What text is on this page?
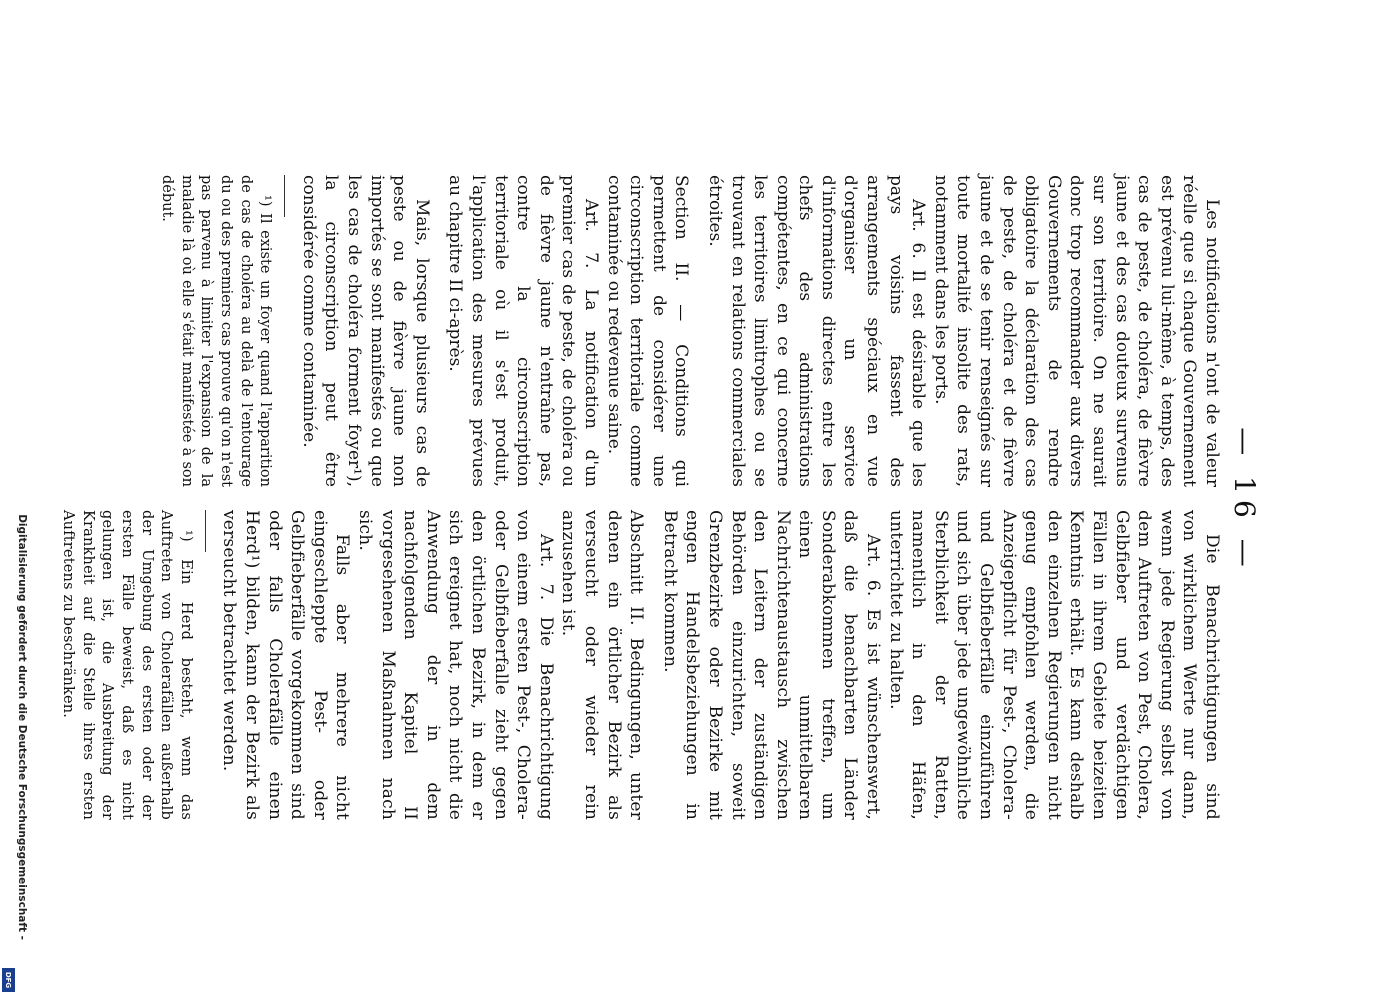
— 16 —

Les notifications n'ont de valeur réelle que si chaque Gouvernement est prévenu lui-même, à temps, des cas de peste, de choléra, de fièvre jaune et des cas douteux survenus sur son territoire. On ne saurait donc trop recommander aux divers Gouvernements de rendre obligatoire la déclaration des cas de peste, de choléra et de fièvre jaune et de se tenir renseignés sur toute mortalité insolite des rats, notamment dans les ports.

Art. 6. Il est désirable que les pays voisins fassent des arrangements spéciaux en vue d'organiser un service d'informations directes entre les chefs des administrations compétentes, en ce qui concerne les territoires limitrophes ou se trouvant en relations commerciales étroites.

Section II. — Conditions qui permettent de considérer une circonscription territoriale comme contaminée ou redevenue saine.

Art. 7. La notification d'un premier cas de peste, de choléra ou de fièvre jaune n'entraîne pas, contre la circonscription territoriale où il s'est produit, l'application des mesures prévues au chapitre II ci-après.

Mais, lorsque plusieurs cas de peste ou de fièvre jaune non importés se sont manifestés ou que les cas de choléra forment foyer¹), la circonscription peut être considérée comme contaminée.

¹) Il existe un foyer quand l'apparition de cas de choléra au delà de l'entourage du ou des premiers cas prouve qu'on n'est pas parvenu à limiter l'expansion de la maladie là où elle s'était manifestée à son début.

Die Benachrichtigungen sind von wirklichem Werte nur dann, wenn jede Regierung selbst von dem Auftreten von Pest, Cholera, Gelbfieber und verdächtigen Fällen in ihrem Gebiete beizeiten Kenntnis erhält. Es kann deshalb den einzelnen Regierungen nicht genug empfohlen werden, die Anzeigepflicht für Pest-, Cholera- und Gelbfieberfälle einzuführen und sich über jede ungewöhnliche Sterblichkeit der Ratten, namentlich in den Häfen, unterrichtet zu halten.

Art. 6. Es ist wünschenswert, daß die benachbarten Länder Sonderabkommen treffen, um einen unmittelbaren Nachrichtenaustausch zwischen den Leitern der zuständigen Behörden einzurichten, soweit Grenzbezirke oder Bezirke mit engen Handelsbeziehungen in Betracht kommen.

Abschnitt II. Bedingungen, unter denen ein örtlicher Bezirk als verseucht oder wieder rein anzusehen ist.

Art. 7. Die Benachrichtigung von einem ersten Pest-, Cholera- oder Gelbfieberfalle zieht gegen den örtlichen Bezirk, in dem er sich ereignet hat, noch nicht die Anwendung der in dem nachfolgenden Kapitel II vorgesehenen Maßnahmen nach sich.

Falls aber mehrere nicht eingeschleppte Pest- oder Gelbfieberfälle vorgekommen sind oder falls Cholerafälle einen Herd¹) bilden, kann der Bezirk als verseucht betrachtet werden.

¹) Ein Herd besteht, wenn das Auftreten von Cholerafällen außerhalb der Umgebung des ersten oder der ersten Fälle beweist, daß es nicht gelungen ist, die Ausbreitung der Krankheit auf die Stelle ihres ersten Auftretens zu beschränken.

Digitalisierung gefördert durch die Deutsche Forschungsgemeinschaft -
DFG
